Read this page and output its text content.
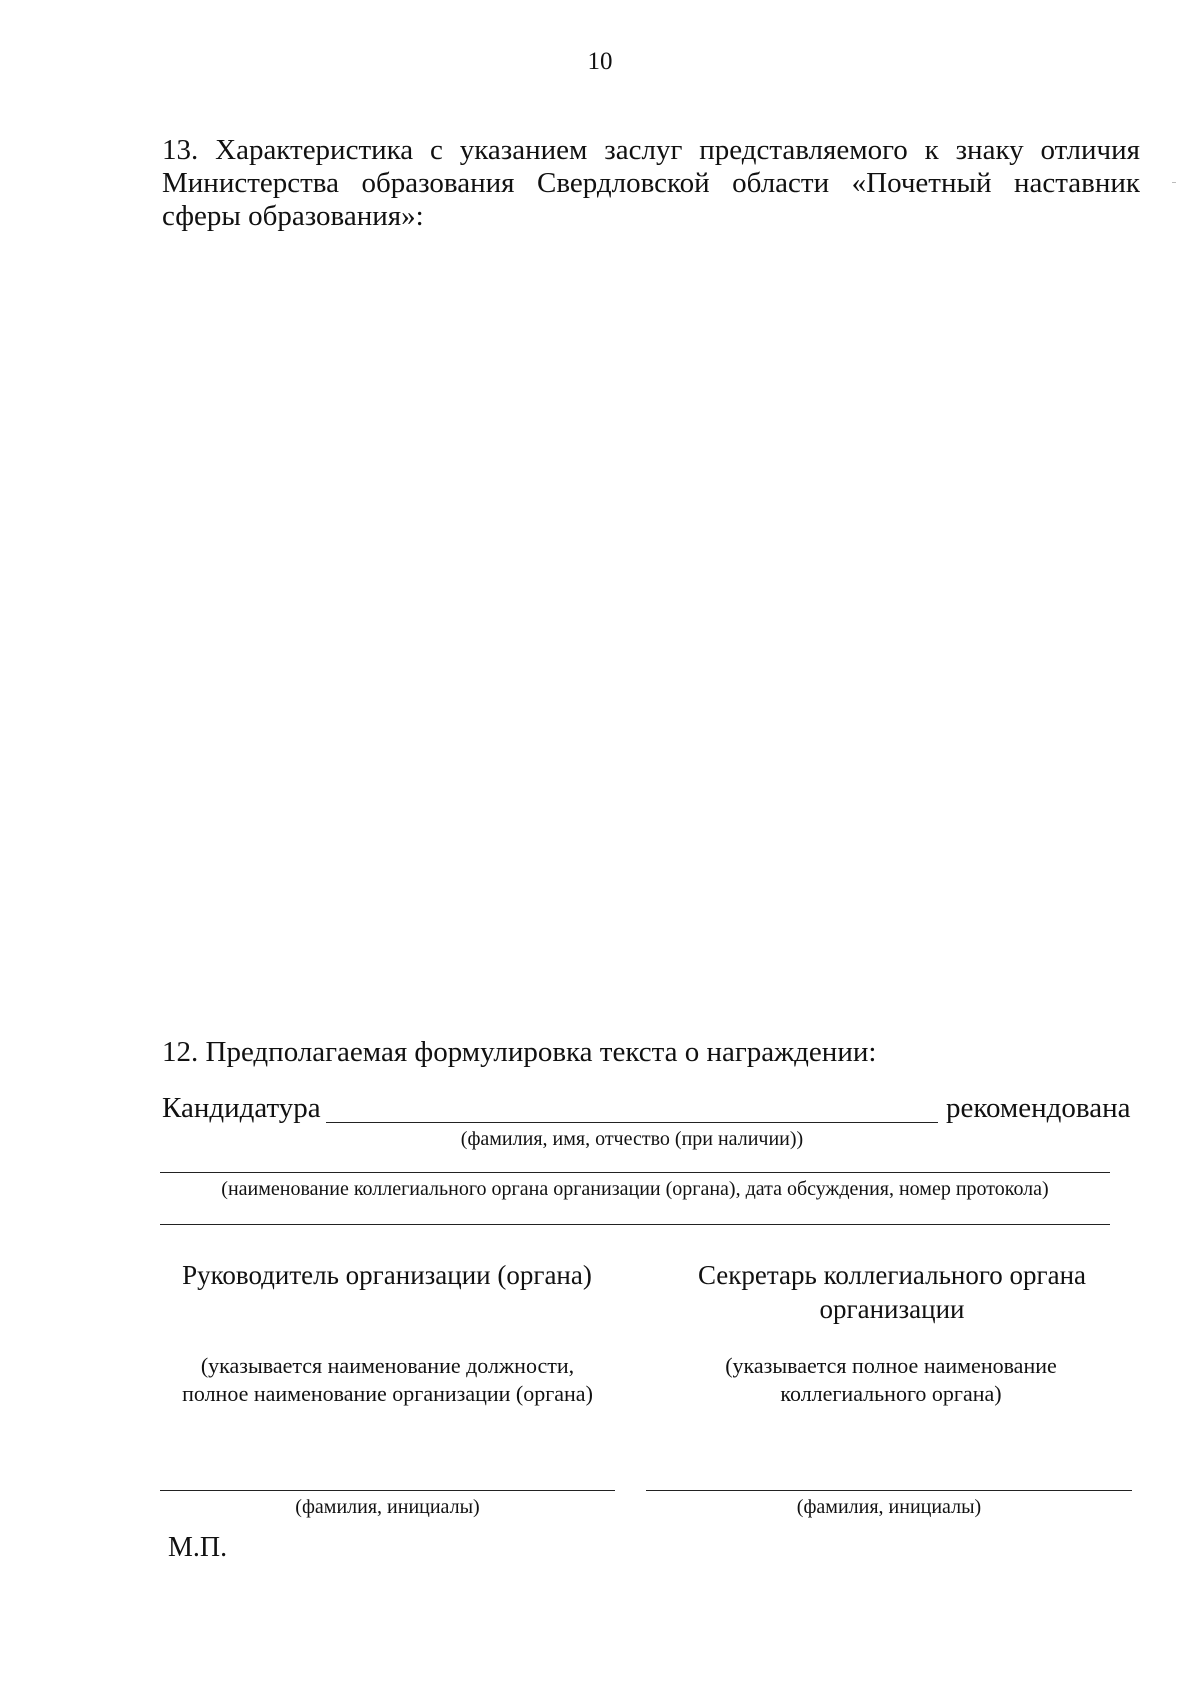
10
13. Характеристика с указанием заслуг представляемого к знаку отличия Министерства образования Свердловской области «Почетный наставник сферы образования»:
12. Предполагаемая формулировка текста о награждении:
Кандидатура	рекомендована
(фамилия, имя, отчество (при наличии))
(наименование коллегиального органа организации (органа), дата обсуждения, номер протокола)
Руководитель организации (органа)	Секретарь коллегиального органа организации
(указывается наименование должности, полное наименование организации (органа)
(указывается полное наименование коллегиального органа)
(фамилия, инициалы)	(фамилия, инициалы)
М.П.
